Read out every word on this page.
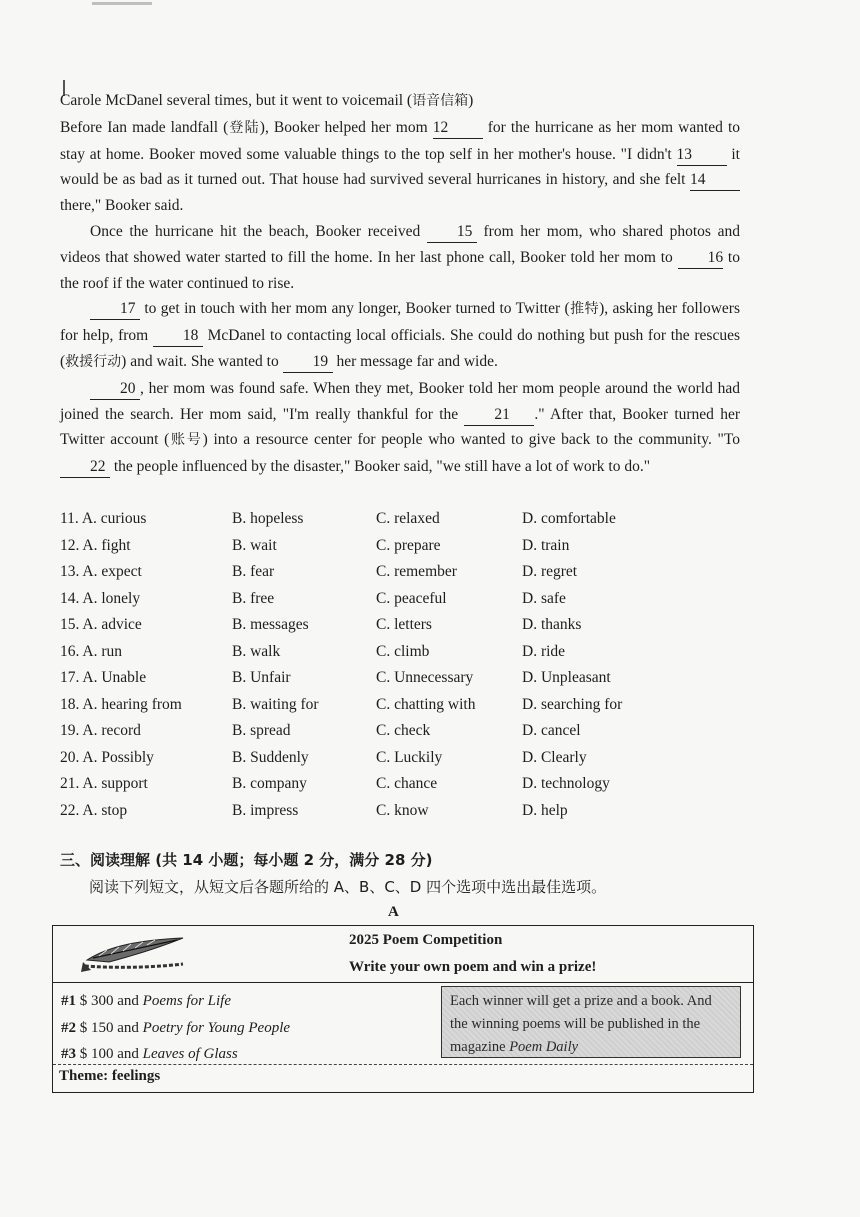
Carole McDanel several times, but it went to voicemail (语音信箱)

Before Ian made landfall (登陆), Booker helped her mom 12 for the hurricane as her mom wanted to stay at home. Booker moved some valuable things to the top self in her mother's house. "I didn't 13 it would be as bad as it turned out. That house had survived several hurricanes in history, and she felt 14 there," Booker said.

Once the hurricane hit the beach, Booker received 15 from her mom, who shared photos and videos that showed water started to fill the home. In her last phone call, Booker told her mom to 16 to the roof if the water continued to rise.

17 to get in touch with her mom any longer, Booker turned to Twitter (推特), asking her followers for help, from 18 McDanel to contacting local officials. She could do nothing but push for the rescues (救援行动) and wait. She wanted to 19 her message far and wide.

20 , her mom was found safe. When they met, Booker told her mom people around the world had joined the search. Her mom said, "I'm really thankful for the 21 ." After that, Booker turned her Twitter account (账号) into a resource center for people who wanted to give back to the community. "To 22 the people influenced by the disaster," Booker said, "we still have a lot of work to do."

11. A. curious	B. hopeless	C. relaxed	D. comfortable
12. A. fight	B. wait	C. prepare	D. train
13. A. expect	B. fear	C. remember	D. regret
14. A. lonely	B. free	C. peaceful	D. safe
15. A. advice	B. messages	C. letters	D. thanks
16. A. run	B. walk	C. climb	D. ride
17. A. Unable	B. Unfair	C. Unnecessary	D. Unpleasant
18. A. hearing from	B. waiting for	C. chatting with	D. searching for
19. A. record	B. spread	C. check	D. cancel
20. A. Possibly	B. Suddenly	C. Luckily	D. Clearly
21. A. support	B. company	C. chance	D. technology
22. A. stop	B. impress	C. know	D. help
三、阅读理解 (共 14 小题；每小题 2 分，满分 28 分)
阅读下列短文，从短文后各题所给的 A、B、C、D 四个选项中选出最佳选项。
A
2025 Poem Competition
Write your own poem and win a prize!
#1 $ 300 and Poems for Life
#2 $ 150 and Poetry for Young People
#3 $ 100 and Leaves of Glass
Each winner will get a prize and a book. And the winning poems will be published in the magazine Poem Daily
Theme: feelings
